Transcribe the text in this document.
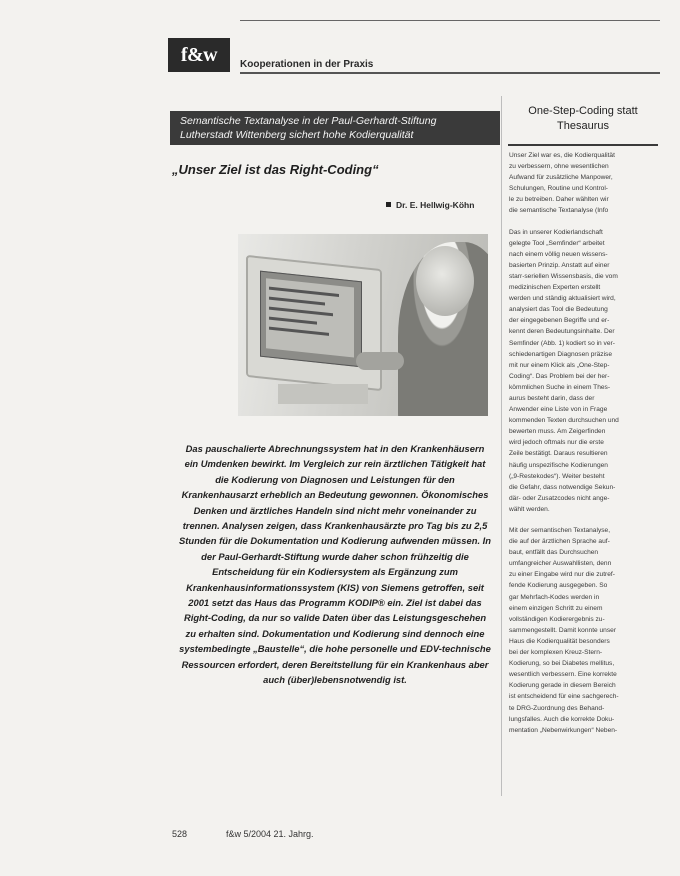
f&w	Kooperationen in der Praxis
Semantische Textanalyse in der Paul-Gerhardt-Stiftung
Lutherstadt Wittenberg sichert hohe Kodierqualität
„Unser Ziel ist das Right-Coding“
Dr. E. Hellwig-Köhn
Das pauschalierte Abrechnungssystem hat in den Krankenhäusern ein Umdenken bewirkt. Im Vergleich zur rein ärztlichen Tätigkeit hat die Kodierung von Diagnosen und Leistungen für den Krankenhausarzt erheblich an Bedeutung gewonnen. Ökonomisches Denken und ärztliches Handeln sind nicht mehr voneinander zu trennen. Analysen zeigen, dass Krankenhausärzte pro Tag bis zu 2,5 Stunden für die Dokumentation und Kodierung aufwenden müssen. In der Paul-Gerhardt-Stiftung wurde daher schon frühzeitig die Entscheidung für ein Kodiersystem als Ergänzung zum Krankenhausinformationssystem (KIS) von Siemens getroffen, seit 2001 setzt das Haus das Programm KODIP® ein. Ziel ist dabei das Right-Coding, da nur so valide Daten über das Leistungsgeschehen zu erhalten sind. Dokumentation und Kodierung sind dennoch eine systembedingte „Baustelle“, die hohe personelle und EDV-technische Ressourcen erfordert, deren Bereitstellung für ein Krankenhaus aber auch (über)lebensnotwendig ist.
One-Step-Coding statt
Thesaurus
Unser Ziel war es, die Kodierqualität
zu verbessern, ohne wesentlichen
Aufwand für zusätzliche Manpower,
Schulungen, Routine und Kontrol-
le zu betreiben. Daher wählten wir
die semantische Textanalyse (Info
Das in unserer Kodierlandschaft
gelegte Tool „Semfinder“ arbeitet
nach einem völlig neuen wissens-
basierten Prinzip. Anstatt auf einer
starr-seriellen Wissensbasis, die vom
medizinischen Experten erstellt
werden und ständig aktualisiert wird,
analysiert das Tool die Bedeutung
der eingegebenen Begriffe und er-
kennt deren Bedeutungsinhalte. Der
Semfinder (Abb. 1) kodiert so in ver-
schiedenartigen Diagnosen präzise
mit nur einem Klick als „One-Step-
Coding“. Das Problem bei der her-
kömmlichen Suche in einem Thes-
aurus besteht darin, dass der
Anwender eine Liste von in Frage
kommenden Texten durchsuchen und
bewerten muss. Am Zeigerfinden
wird jedoch oftmals nur die erste
Zeile bestätigt. Daraus resultieren
häufig unspezifische Kodierungen
(„9-Restekodes“). Weiter besteht
die Gefahr, dass notwendige Sekun-
där- oder Zusatzcodes nicht ange-
wählt werden.
Mit der semantischen Textanalyse,
die auf der ärztlichen Sprache auf-
baut, entfällt das Durchsuchen
umfangreicher Auswahllisten, denn
zu einer Eingabe wird nur die zutref-
fende Kodierung ausgegeben. So
gar Mehrfach-Kodes werden in
einem einzigen Schritt zu einem
vollständigen Kodierergebnis zu-
sammengestellt. Damit konnte unser
Haus die Kodierqualität besonders
bei der komplexen Kreuz-Stern-
Kodierung, so bei Diabetes mellitus,
wesentlich verbessern. Eine korrekte
Kodierung gerade in diesem Bereich
ist entscheidend für eine sachgerech-
te DRG-Zuordnung des Behand-
lungsfalles. Auch die korrekte Doku-
mentation „Nebenwirkungen“ Neben-
528	f&w 5/2004 21. Jahrg.
